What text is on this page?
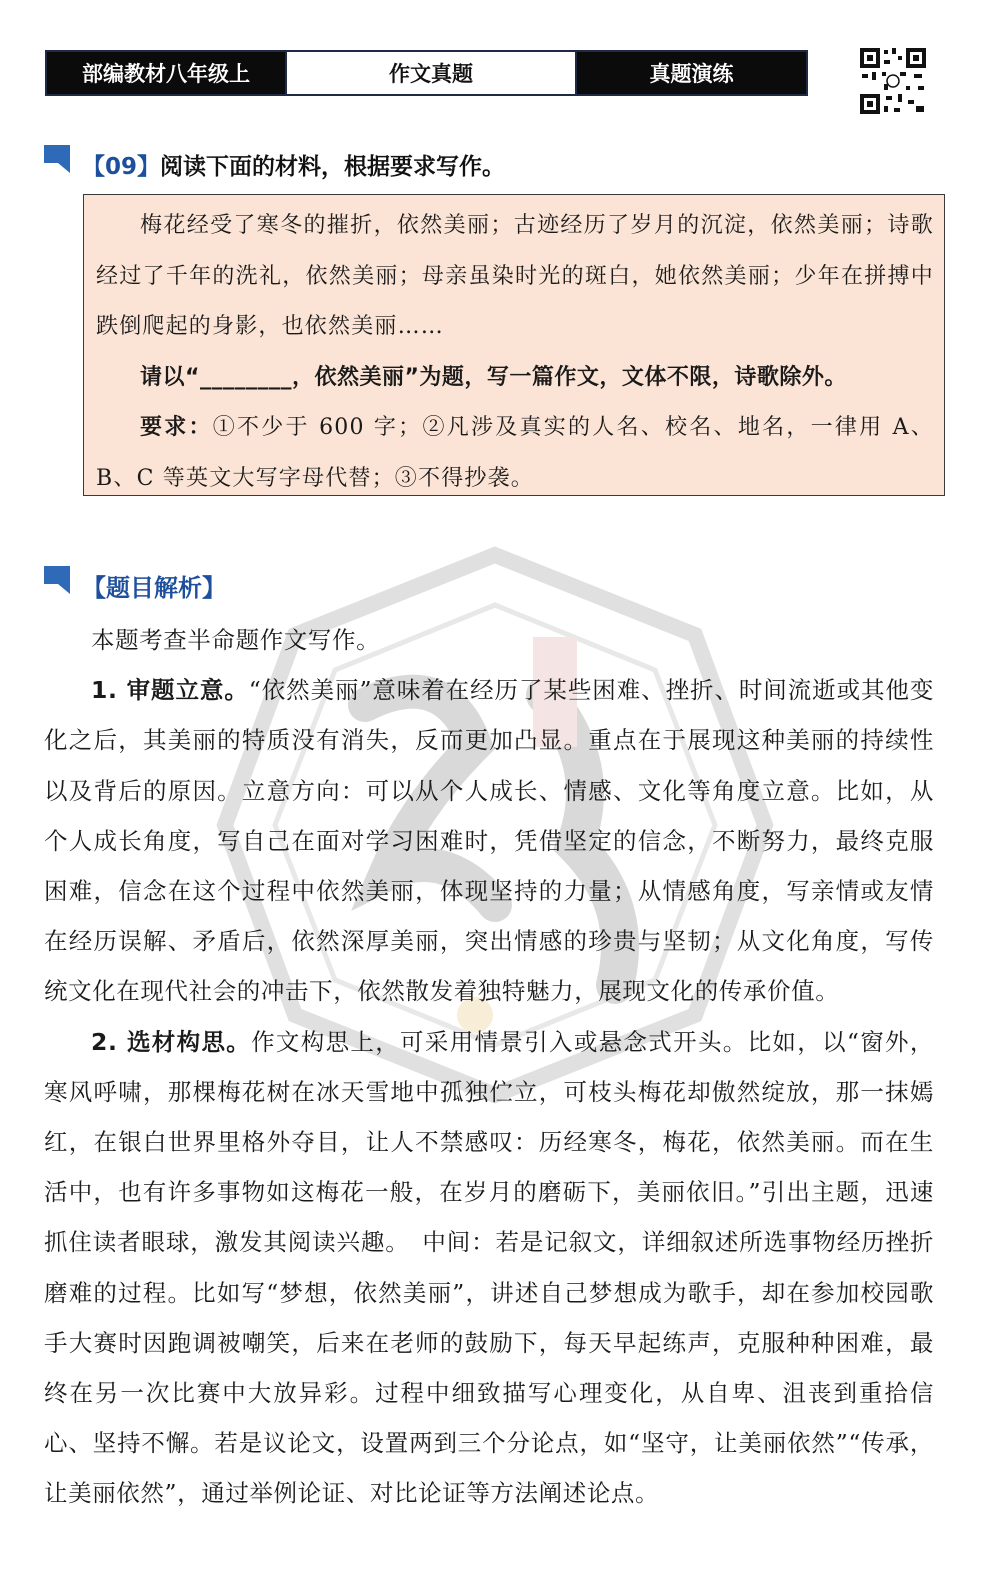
部编教材八年级上	作文真题	真题演练
【09】 阅读下面的材料，根据要求写作。

梅花经受了寒冬的摧折，依然美丽；古迹经历了岁月的沉淀，依然美丽；诗歌经过了千年的洗礼，依然美丽；母亲虽染时光的斑白，她依然美丽；少年在拼搏中跌倒爬起的身影，也依然美丽……

请以“________，依然美丽”为题，写一篇作文，文体不限，诗歌除外。

要求：①不少于 600 字；②凡涉及真实的人名、校名、地名，一律用 A、B、C 等英文大写字母代替；③不得抄袭。

【题目解析】

本题考查半命题作文写作。

1. 审题立意。“依然美丽”意味着在经历了某些困难、挫折、时间流逝或其他变化之后，其美丽的特质没有消失，反而更加凸显。重点在于展现这种美丽的持续性以及背后的原因。立意方向：可以从个人成长、情感、文化等角度立意。比如，从个人成长角度，写自己在面对学习困难时，凭借坚定的信念，不断努力，最终克服困难，信念在这个过程中依然美丽，体现坚持的力量；从情感角度，写亲情或友情在经历误解、矛盾后，依然深厚美丽，突出情感的珍贵与坚韧；从文化角度，写传统文化在现代社会的冲击下，依然散发着独特魅力，展现文化的传承价值。

2. 选材构思。作文构思上，可采用情景引入或悬念式开头。比如，以“窗外，寒风呼啸，那棵梅花树在冰天雪地中孤独伫立，可枝头梅花却傲然绽放，那一抹嫣红，在银白世界里格外夺目，让人不禁感叹：历经寒冬，梅花，依然美丽。而在生活中，也有许多事物如这梅花一般，在岁月的磨砺下，美丽依旧。”引出主题，迅速抓住读者眼球，激发其阅读兴趣。　中间：若是记叙文，详细叙述所选事物经历挫折磨难的过程。比如写“梦想，依然美丽”，讲述自己梦想成为歌手，却在参加校园歌手大赛时因跑调被嘲笑，后来在老师的鼓励下，每天早起练声，克服种种困难，最终在另一次比赛中大放异彩。过程中细致描写心理变化，从自卑、沮丧到重拾信心、坚持不懈。若是议论文，设置两到三个分论点，如“坚守，让美丽依然”“传承，让美丽依然”，通过举例论证、对比论证等方法阐述论点。
